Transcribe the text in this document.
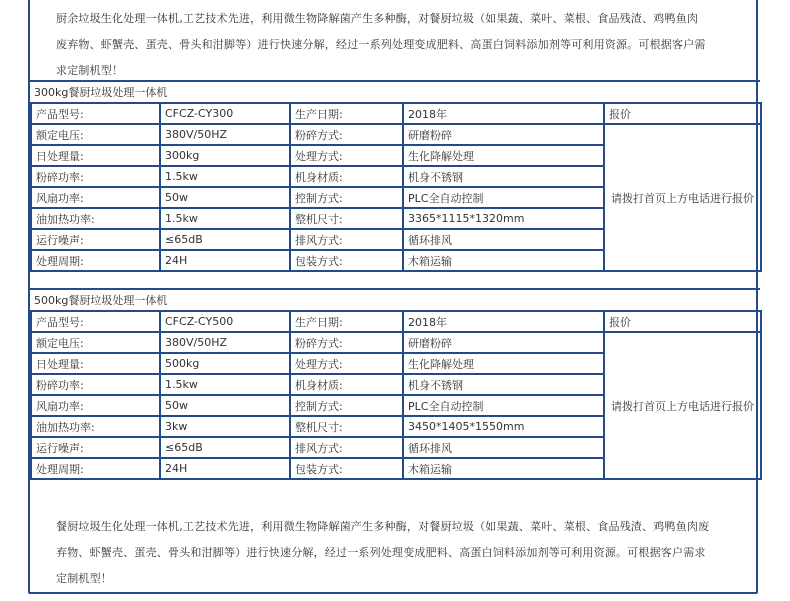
厨余垃圾生化处理一体机,工艺技术先进，利用微生物降解菌产生多种酶，对餐厨垃圾（如果蔬、菜叶、菜根、食品残渣、鸡鸭鱼肉废弃物、虾蟹壳、蛋壳、骨头和泔脚等）进行快速分解，经过一系列处理变成肥料、高蛋白饲料添加剂等可利用资源。可根据客户需求定制机型！
300kg餐厨垃圾处理一体机
产品型号:	CFCZ-CY300	生产日期:	2018年	报价
额定电压:	380V/50HZ	粉碎方式:	研磨粉碎	请拨打首页上方电话进行报价
日处理量:	300kg	处理方式:	生化降解处理	
粉碎功率:	1.5kw	机身材质:	机身不锈钢	
风扇功率:	50w	控制方式:	PLC全自动控制	
油加热功率:	1.5kw	整机尺寸:	3365*1115*1320mm	
运行噪声:	≤65dB	排风方式:	循环排风	
处理周期:	24H	包装方式:	木箱运输	
500kg餐厨垃圾处理一体机
产品型号:	CFCZ-CY500	生产日期:	2018年	报价
额定电压:	380V/50HZ	粉碎方式:	研磨粉碎	请拨打首页上方电话进行报价
日处理量:	500kg	处理方式:	生化降解处理	
粉碎功率:	1.5kw	机身材质:	机身不锈钢	
风扇功率:	50w	控制方式:	PLC全自动控制	
油加热功率:	3kw	整机尺寸:	3450*1405*1550mm	
运行噪声:	≤65dB	排风方式:	循环排风	
处理周期:	24H	包装方式:	木箱运输	
餐厨垃圾生化处理一体机,工艺技术先进，利用微生物降解菌产生多种酶，对餐厨垃圾（如果蔬、菜叶、菜根、食品残渣、鸡鸭鱼肉废弃物、虾蟹壳、蛋壳、骨头和泔脚等）进行快速分解，经过一系列处理变成肥料、高蛋白饲料添加剂等可利用资源。可根据客户需求定制机型！
